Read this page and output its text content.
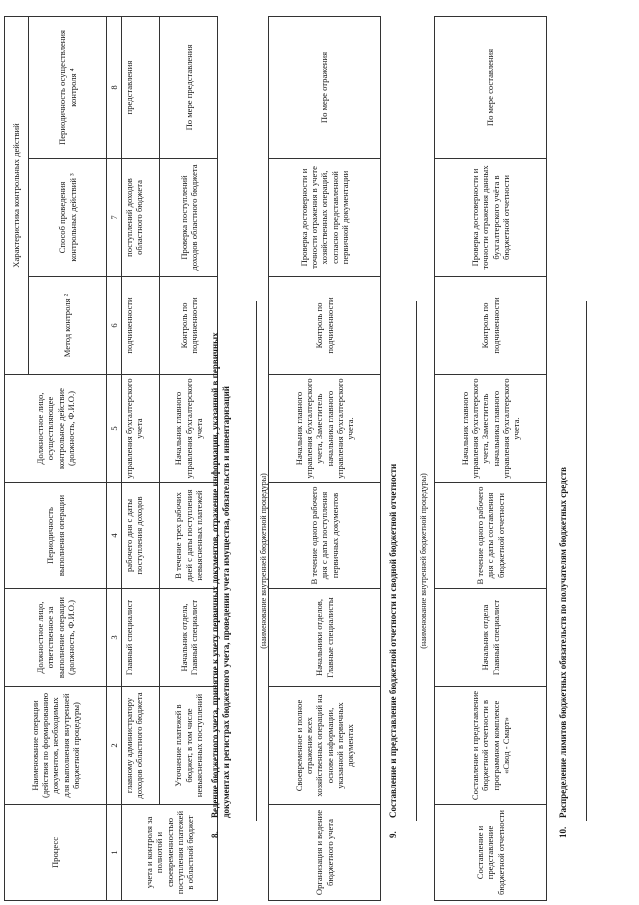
Процесс	Наименование операции (действия по формированию документов, необходимых для выполнения внутренней бюджетной процедуры)	Должностное лицо, ответственное за выполнение операции (должность, Ф.И.О.)	Периодичность выполнения операции	Должностное лицо, осуществляющее контрольное действие (должность, Ф.И.О.)	Характеристика контрольных действий		
					Метод контроля ²	Способ проведения контрольных действий ³	Периодичность осуществления контроля ⁴
1	2	3	4	5	6	7	8
учета и контроля за полнотой и своевременностью поступления платежей в областной бюджет	главному администратору доходов областного бюджета	Главный специалист	рабочего дня с даты поступления доходов	управления бухгалтерского учета	подчиненности	поступлений доходов областного бюджета	представления
	Уточнение платежей в бюджет, в том числе невыясненных поступлений	Начальник отдела, Главный специалист	В течение трех рабочих дней с даты поступления невыясненных платежей	Начальник главного управления бухгалтерского учета	Контроль по подчиненности	Проверка поступлений доходов областного бюджета	По мере представления
	8.	Ведение бюджетного учета, принятие к учету первичных документов, отражение информации, указанной в первичных документах и регистрах бюджетного учета, проведении учета имущества, обязательств и инвентаризаций	
		(наименование внутренней бюджетной процедуры)	
Организация и ведение бюджетного учета	Своевременное и полное отражение всех хозяйственных операций на основе информации, указанной в первичных документах	Начальники отделов, Главные специалисты	В течение одного рабочего дня с даты поступления первичных документов	Начальник главного управления бухгалтерского учета, Заместитель начальника главного управления бухгалтерского учета.	Контроль по подчиненности	Проверка достоверности и точности отражения в учете хозяйственных операций, согласно представленной первичной документации	По мере отражения
	9.	Составление и представление бюджетной отчетности и сводной бюджетной отчетности	
		(наименование внутренней бюджетной процедуры)	
Составление и представление бюджетной отчетности	Составление и представление бюджетной отчетности в программном комплексе «Свод - Смарт»	Начальник отдела Главный специалист	В течение одного рабочего дня с даты составления бюджетной отчетности	Начальник главного управления бухгалтерского учета, Заместитель начальника главного управления бухгалтерского учета.	Контроль по подчиненности	Проверка достоверности и точности отражения данных бухгалтерского учёта в бюджетной отчетности	По мере составления
	10.	Распределение лимитов бюджетных обязательств по получателям бюджетных средств	
